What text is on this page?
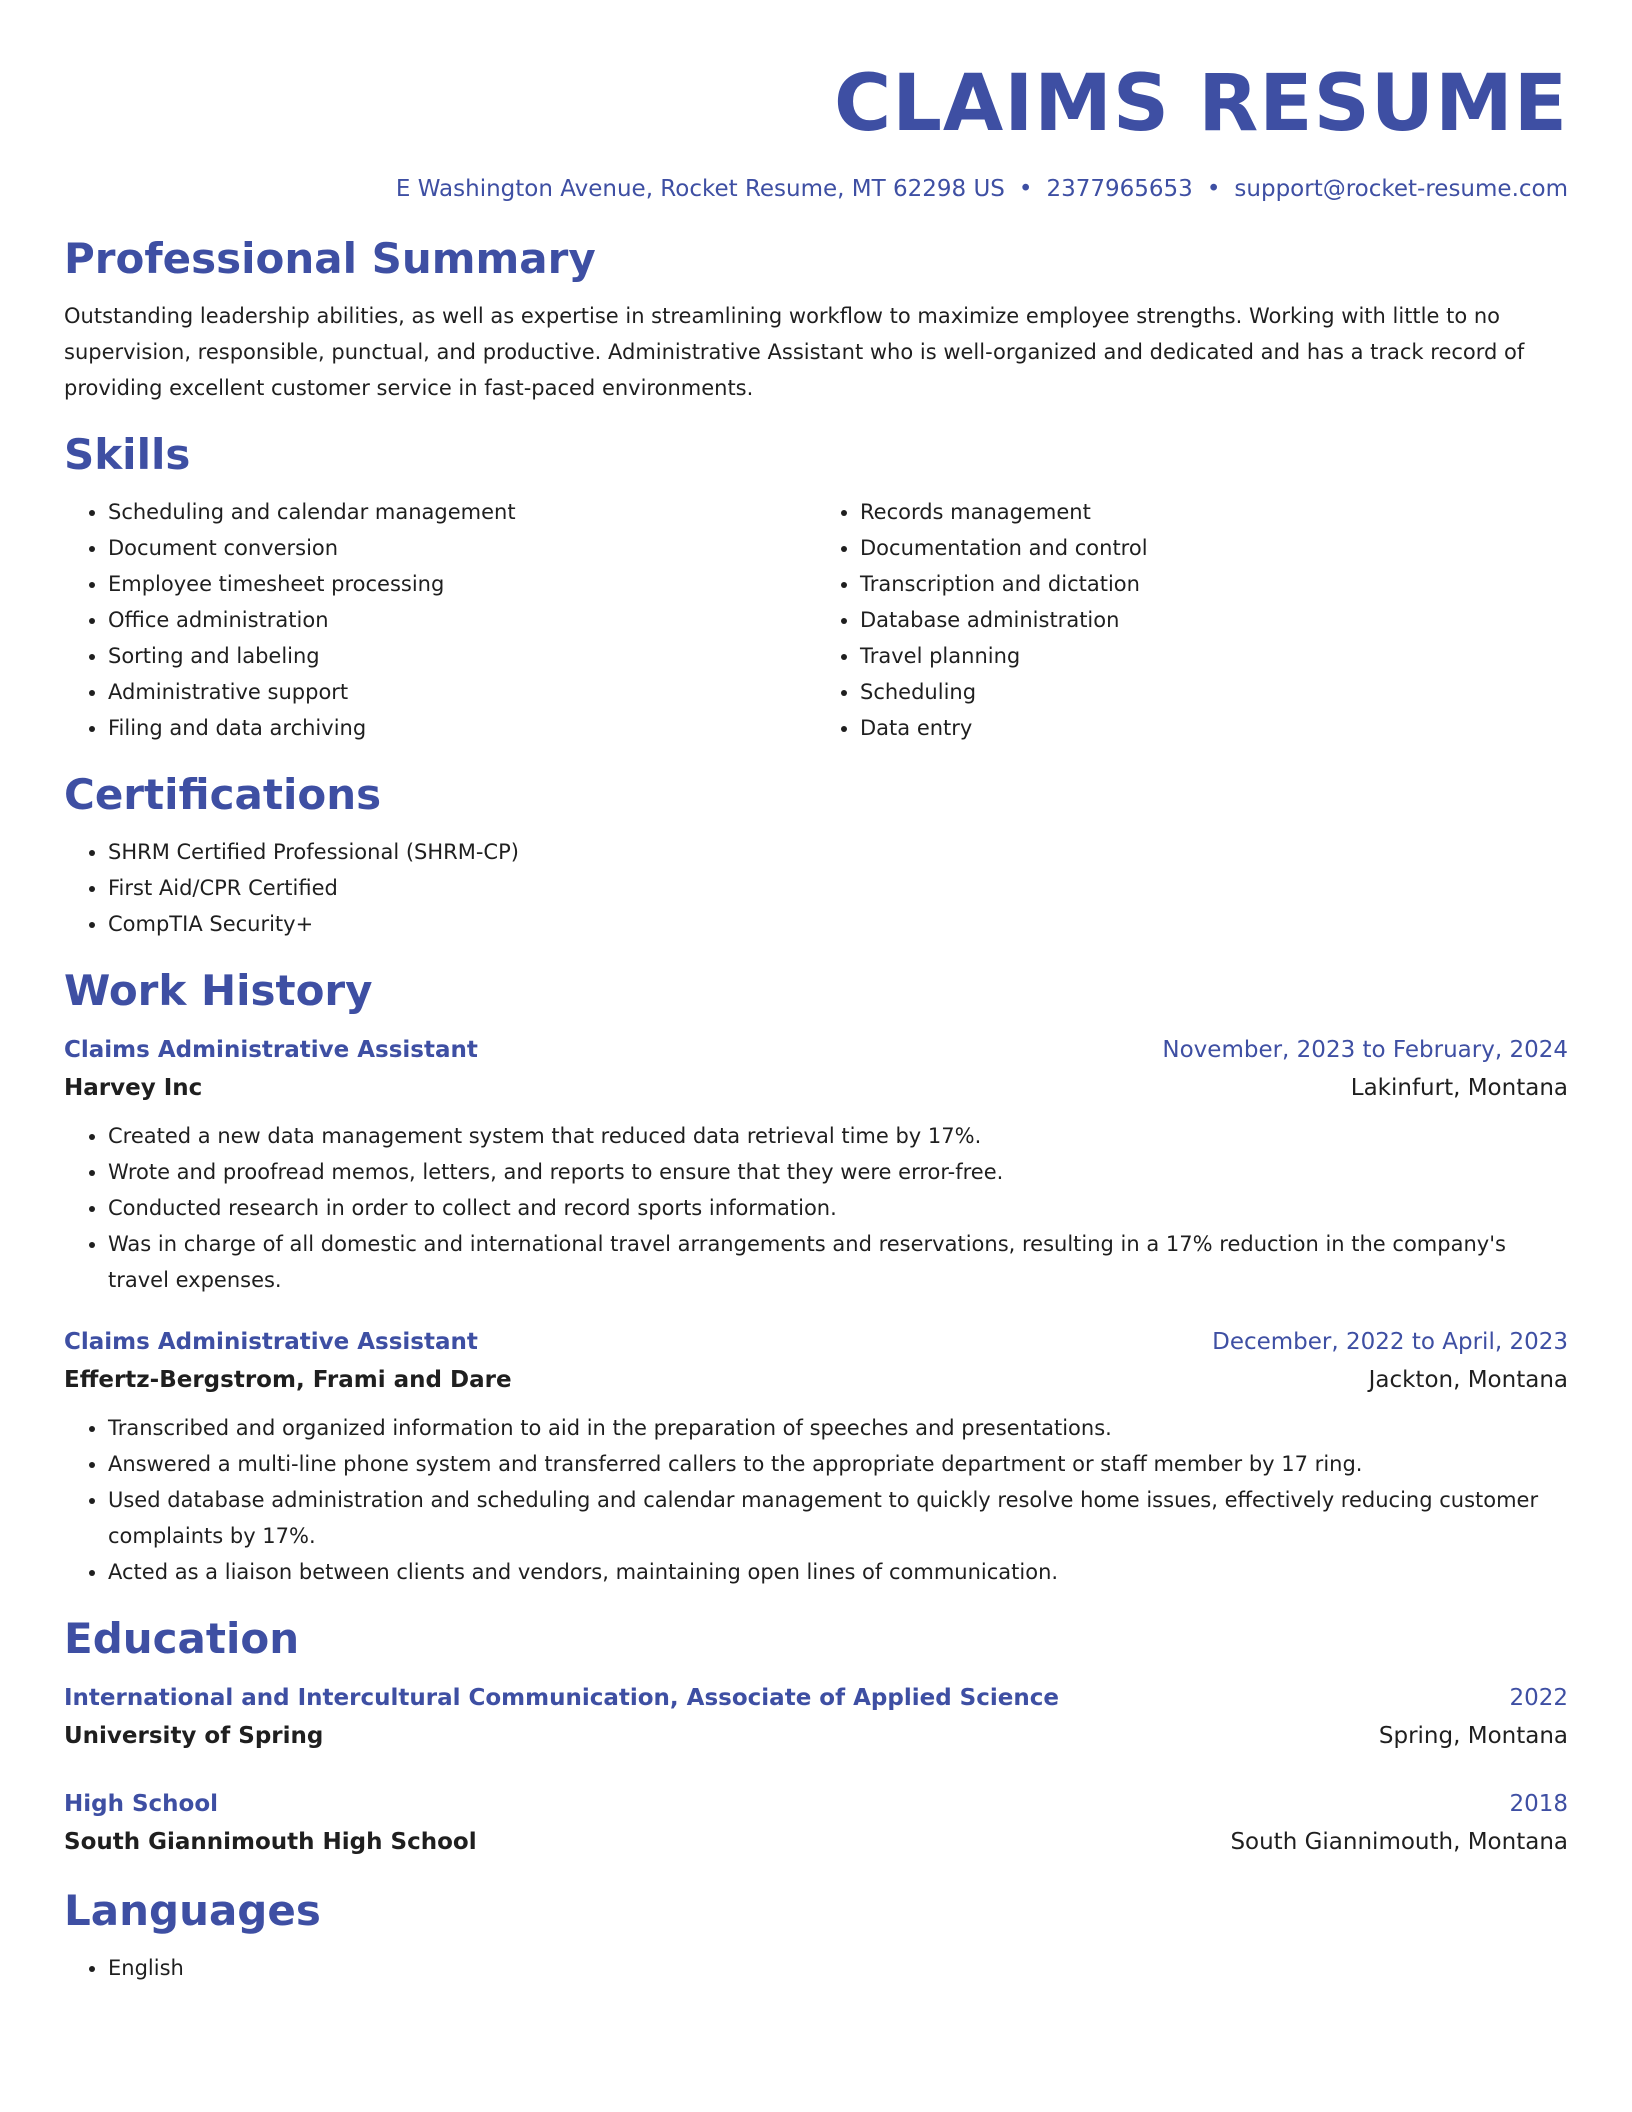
CLAIMS RESUME
E Washington Avenue, Rocket Resume, MT 62298 US • 2377965653 • support@rocket-resume.com
Professional Summary

Outstanding leadership abilities, as well as expertise in streamlining workflow to maximize employee strengths. Working with little to no supervision, responsible, punctual, and productive. Administrative Assistant who is well-organized and dedicated and has a track record of providing excellent customer service in fast-paced environments.

Skills
• Scheduling and calendar management
• Document conversion
• Employee timesheet processing
• Office administration
• Sorting and labeling
• Administrative support
• Filing and data archiving
• Records management
• Documentation and control
• Transcription and dictation
• Database administration
• Travel planning
• Scheduling
• Data entry
Certifications
• SHRM Certified Professional (SHRM-CP)
• First Aid/CPR Certified
• CompTIA Security+
Work History
Claims Administrative Assistant	November, 2023 to February, 2024
Harvey Inc	Lakinfurt, Montana
• Created a new data management system that reduced data retrieval time by 17%.
• Wrote and proofread memos, letters, and reports to ensure that they were error-free.
• Conducted research in order to collect and record sports information.
• Was in charge of all domestic and international travel arrangements and reservations, resulting in a 17% reduction in the company's travel expenses.
Claims Administrative Assistant	December, 2022 to April, 2023
Effertz-Bergstrom, Frami and Dare	Jackton, Montana
• Transcribed and organized information to aid in the preparation of speeches and presentations.
• Answered a multi-line phone system and transferred callers to the appropriate department or staff member by 17 ring.
• Used database administration and scheduling and calendar management to quickly resolve home issues, effectively reducing customer complaints by 17%.
• Acted as a liaison between clients and vendors, maintaining open lines of communication.
Education
International and Intercultural Communication, Associate of Applied Science	2022
University of Spring	Spring, Montana
High School	2018
South Giannimouth High School	South Giannimouth, Montana
Languages
• English
